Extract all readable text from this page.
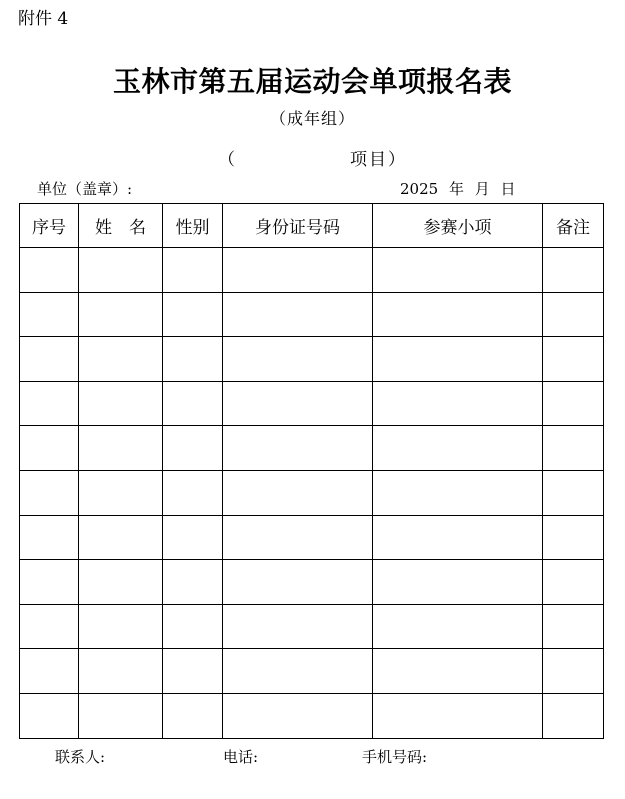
附件 4
玉林市第五届运动会单项报名表
（成年组）
（	项目）
单位（盖章）:	2025 年 月 日
序号	姓　名	性别	身份证号码	参赛小项	备注

联系人:	电话:	手机号码:
